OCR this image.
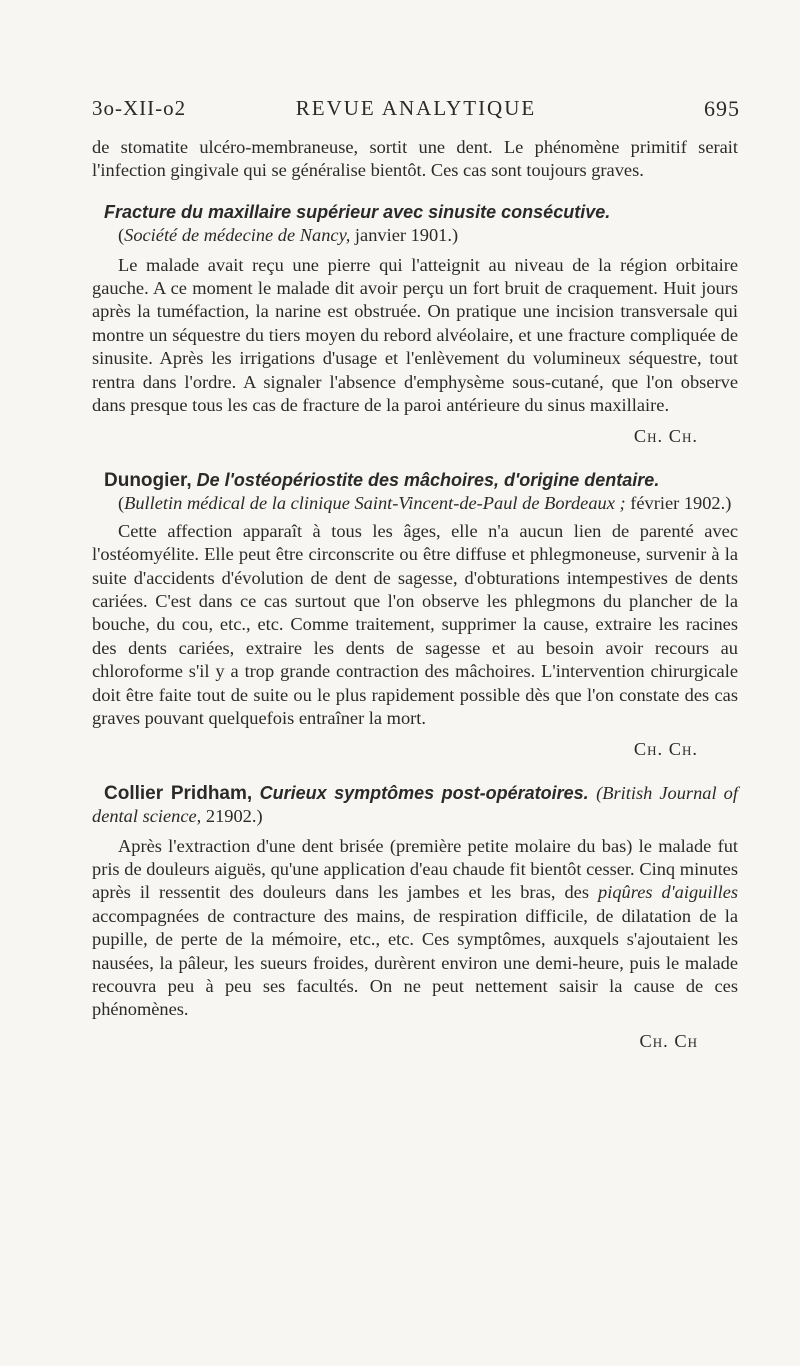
3o-XII-o2	REVUE ANALYTIQUE	695

de stomatite ulcéro-membraneuse, sortit une dent. Le phénomène primitif serait l'infection gingivale qui se généralise bientôt. Ces cas sont toujours graves.

Fracture du maxillaire supérieur avec sinusite consécutive.

(Société de médecine de Nancy, janvier 1901.)

Le malade avait reçu une pierre qui l'atteignit au niveau de la région orbitaire gauche. A ce moment le malade dit avoir perçu un fort bruit de craquement. Huit jours après la tuméfaction, la narine est obstruée. On pratique une incision transversale qui montre un séquestre du tiers moyen du rebord alvéolaire, et une fracture compliquée de sinusite. Après les irrigations d'usage et l'enlèvement du volumineux séquestre, tout rentra dans l'ordre. A signaler l'absence d'emphysème sous-cutané, que l'on observe dans presque tous les cas de fracture de la paroi antérieure du sinus maxillaire.

Ch. Ch.

Dunogier, De l'ostéopériostite des mâchoires, d'origine dentaire.

(Bulletin médical de la clinique Saint-Vincent-de-Paul de Bordeaux ; février 1902.)

Cette affection apparaît à tous les âges, elle n'a aucun lien de parenté avec l'ostéomyélite. Elle peut être circonscrite ou être diffuse et phlegmoneuse, survenir à la suite d'accidents d'évolution de dent de sagesse, d'obturations intempestives de dents cariées. C'est dans ce cas surtout que l'on observe les phlegmons du plancher de la bouche, du cou, etc., etc. Comme traitement, supprimer la cause, extraire les racines des dents cariées, extraire les dents de sagesse et au besoin avoir recours au chloroforme s'il y a trop grande contraction des mâchoires. L'intervention chirurgicale doit être faite tout de suite ou le plus rapidement possible dès que l'on constate des cas graves pouvant quelquefois entraîner la mort.

Ch. Ch.

Collier Pridham, Curieux symptômes post-opératoires. (British Journal of dental science, 21902.)

Après l'extraction d'une dent brisée (première petite molaire du bas) le malade fut pris de douleurs aiguës, qu'une application d'eau chaude fit bientôt cesser. Cinq minutes après il ressentit des douleurs dans les jambes et les bras, des piqûres d'aiguilles accompagnées de contracture des mains, de respiration difficile, de dilatation de la pupille, de perte de la mémoire, etc., etc. Ces symptômes, auxquels s'ajoutaient les nausées, la pâleur, les sueurs froides, durèrent environ une demi-heure, puis le malade recouvra peu à peu ses facultés. On ne peut nettement saisir la cause de ces phénomènes.

Ch. Ch
